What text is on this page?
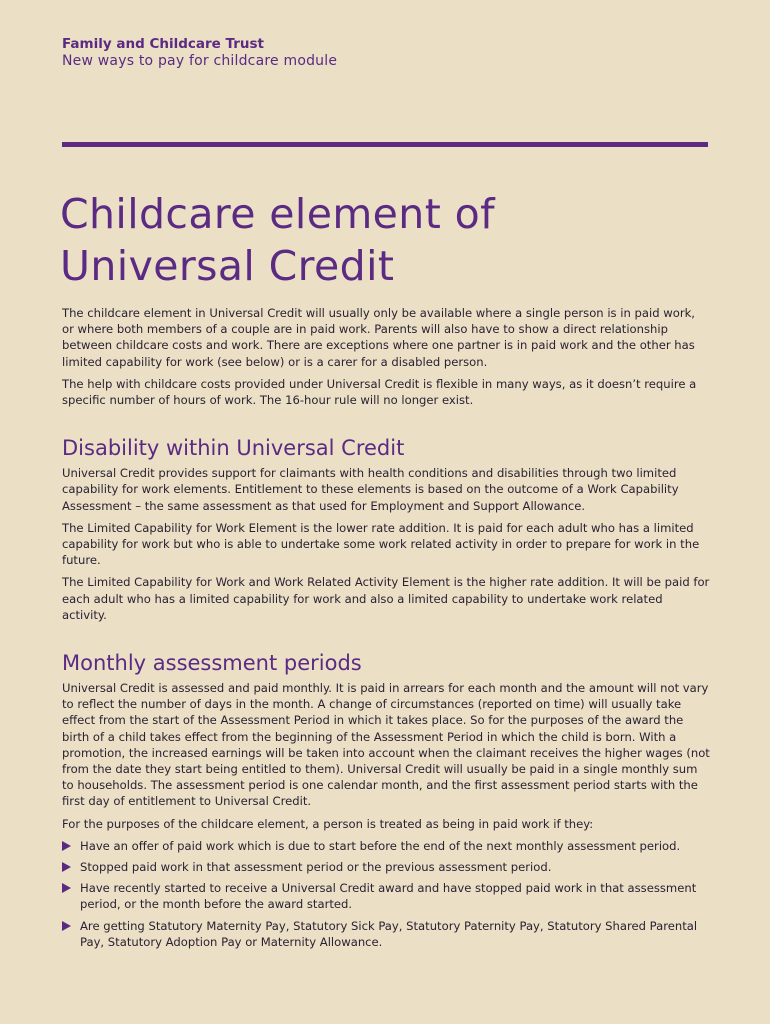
Family and Childcare Trust
New ways to pay for childcare module
Childcare element of
Universal Credit

The childcare element in Universal Credit will usually only be available where a single person is in paid work, or where both members of a couple are in paid work. Parents will also have to show a direct relationship between childcare costs and work. There are exceptions where one partner is in paid work and the other has limited capability for work (see below) or is a carer for a disabled person.

The help with childcare costs provided under Universal Credit is flexible in many ways, as it doesn’t require a specific number of hours of work. The 16-hour rule will no longer exist.

Disability within Universal Credit

Universal Credit provides support for claimants with health conditions and disabilities through two limited capability for work elements. Entitlement to these elements is based on the outcome of a Work Capability Assessment – the same assessment as that used for Employment and Support Allowance.

The Limited Capability for Work Element is the lower rate addition. It is paid for each adult who has a limited capability for work but who is able to undertake some work related activity in order to prepare for work in the future.

The Limited Capability for Work and Work Related Activity Element is the higher rate addition. It will be paid for each adult who has a limited capability for work and also a limited capability to undertake work related activity.

Monthly assessment periods

Universal Credit is assessed and paid monthly. It is paid in arrears for each month and the amount will not vary to reflect the number of days in the month. A change of circumstances (reported on time) will usually take effect from the start of the Assessment Period in which it takes place. So for the purposes of the award the birth of a child takes effect from the beginning of the Assessment Period in which the child is born. With a promotion, the increased earnings will be taken into account when the claimant receives the higher wages (not from the date they start being entitled to them). Universal Credit will usually be paid in a single monthly sum to households. The assessment period is one calendar month, and the first assessment period starts with the first day of entitlement to Universal Credit.

For the purposes of the childcare element, a person is treated as being in paid work if they:

Have an offer of paid work which is due to start before the end of the next monthly assessment period.
Stopped paid work in that assessment period or the previous assessment period.
Have recently started to receive a Universal Credit award and have stopped paid work in that assessment period, or the month before the award started.
Are getting Statutory Maternity Pay, Statutory Sick Pay, Statutory Paternity Pay, Statutory Shared Parental Pay, Statutory Adoption Pay or Maternity Allowance.
